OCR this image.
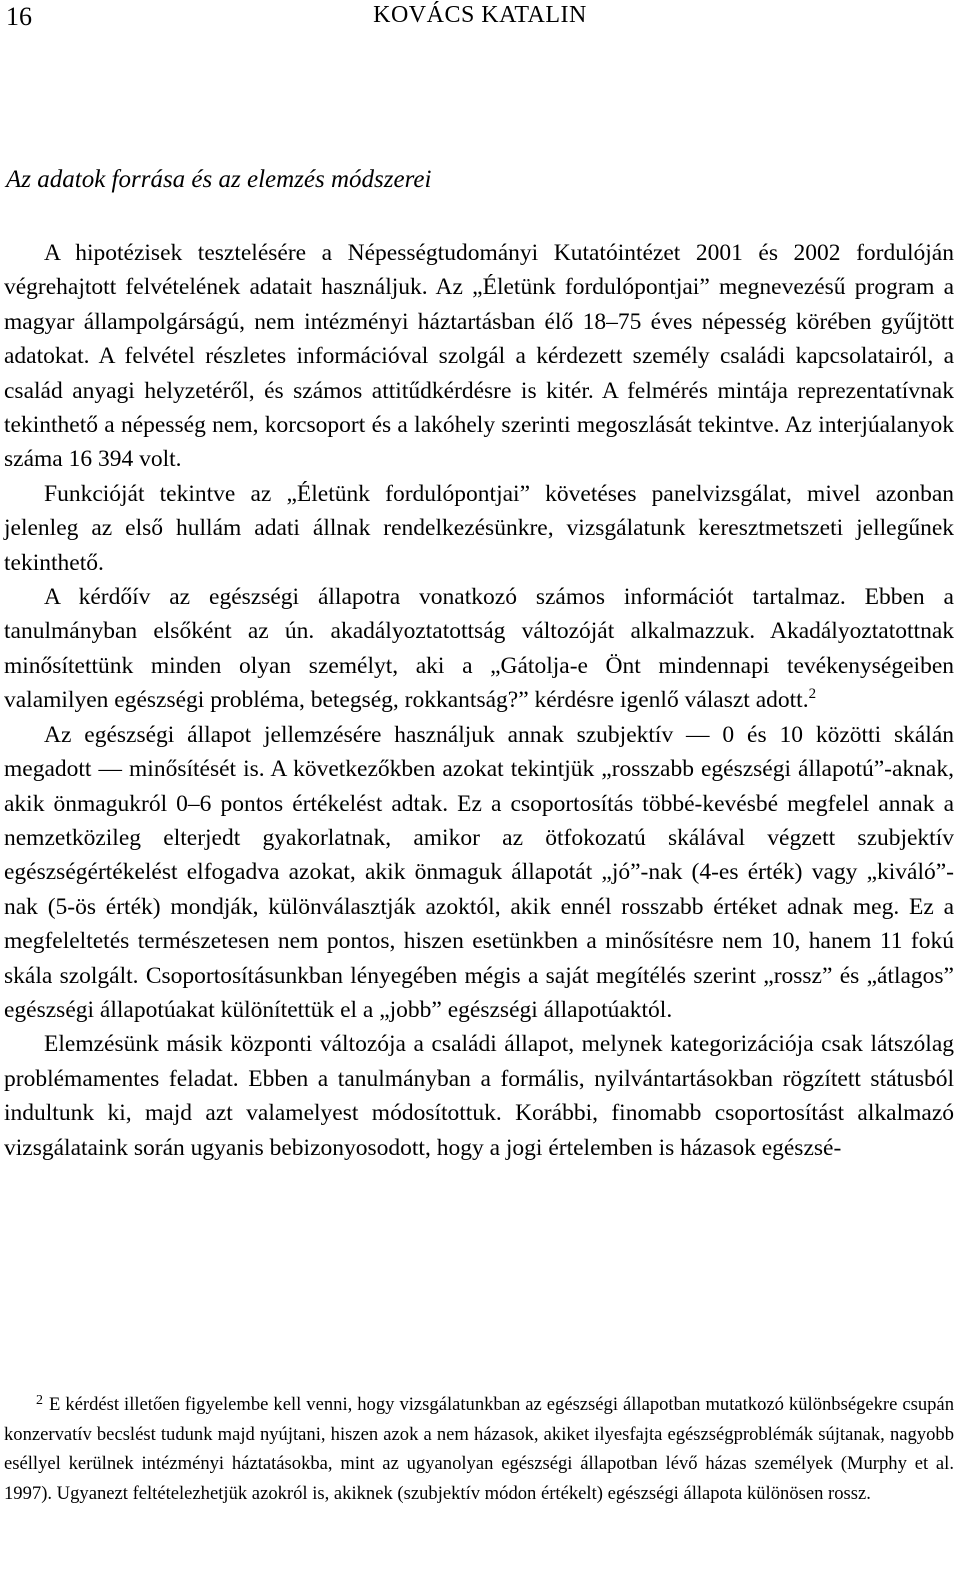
16	KOVÁCS KATALIN
Az adatok forrása és az elemzés módszerei

A hipotézisek tesztelésére a Népességtudományi Kutatóintézet 2001 és 2002 fordulóján végrehajtott felvételének adatait használjuk. Az „Életünk fordulópontjai” megnevezésű program a magyar állampolgárságú, nem intézményi háztartásban élő 18–75 éves népesség körében gyűjtött adatokat. A felvétel részletes információval szolgál a kérdezett személy családi kapcsolatairól, a család anyagi helyzetéről, és számos attitűdkérdésre is kitér. A felmérés mintája reprezentatívnak tekinthető a népesség nem, korcsoport és a lakóhely szerinti megoszlását tekintve. Az interjúalanyok száma 16 394 volt.

Funkcióját tekintve az „Életünk fordulópontjai” követéses panelvizsgálat, mivel azonban jelenleg az első hullám adati állnak rendelkezésünkre, vizsgálatunk keresztmetszeti jellegűnek tekinthető.

A kérdőív az egészségi állapotra vonatkozó számos információt tartalmaz. Ebben a tanulmányban elsőként az ún. akadályoztatottság változóját alkalmazzuk. Akadályoztatottnak minősítettünk minden olyan személyt, aki a „Gátolja-e Önt mindennapi tevékenységeiben valamilyen egészségi probléma, betegség, rokkantság?” kérdésre igenlő választ adott.$^2$

Az egészségi állapot jellemzésére használjuk annak szubjektív — 0 és 10 közötti skálán megadott — minősítését is. A következőkben azokat tekintjük „rosszabb egészségi állapotú”-aknak, akik önmagukról 0–6 pontos értékelést adtak. Ez a csoportosítás többé-kevésbé megfelel annak a nemzetközileg elterjedt gyakorlatnak, amikor az ötfokozatú skálával végzett szubjektív egészségértékelést elfogadva azokat, akik önmaguk állapotát „jó”-nak (4-es érték) vagy „kiváló”-nak (5-ös érték) mondják, különválasztják azoktól, akik ennél rosszabb értéket adnak meg. Ez a megfeleltetés természetesen nem pontos, hiszen esetünkben a minősítésre nem 10, hanem 11 fokú skála szolgált. Csoportosításunkban lényegében mégis a saját megítélés szerint „rossz” és „átlagos” egészségi állapotúakat különítettük el a „jobb” egészségi állapotúaktól.

Elemzésünk másik központi változója a családi állapot, melynek kategorizációja csak látszólag problémamentes feladat. Ebben a tanulmányban a formális, nyilvántartásokban rögzített státusból indultunk ki, majd azt valamelyest módosítottuk. Korábbi, finomabb csoportosítást alkalmazó vizsgálataink során ugyanis bebizonyosodott, hogy a jogi értelemben is házasok egészsé-

$^2$ E kérdést illetően figyelembe kell venni, hogy vizsgálatunkban az egészségi állapotban mutatkozó különbségekre csupán konzervatív becslést tudunk majd nyújtani, hiszen azok a nem házasok, akiket ilyesfajta egészségproblémák sújtanak, nagyobb eséllyel kerülnek intézményi háztatásokba, mint az ugyanolyan egészségi állapotban lévő házas személyek (Murphy et al. 1997). Ugyanezt feltételezhetjük azokról is, akiknek (szubjektív módon értékelt) egészségi állapota különösen rossz.
